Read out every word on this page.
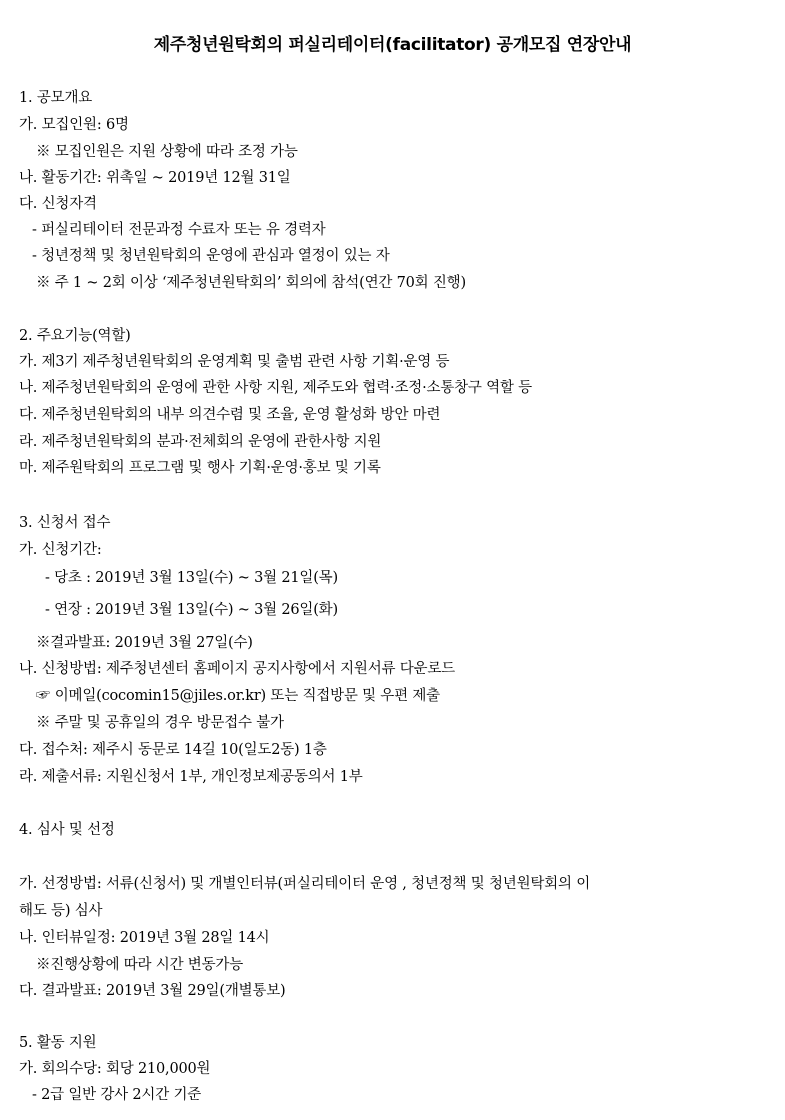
제주청년원탁회의 퍼실리테이터(facilitator) 공개모집 연장안내
1. 공모개요
가. 모집인원: 6명
※ 모집인원은 지원 상황에 따라 조정 가능
나. 활동기간: 위촉일 ~ 2019년 12월 31일
다. 신청자격
- 퍼실리테이터 전문과정 수료자 또는 유 경력자
- 청년정책 및 청년원탁회의 운영에 관심과 열정이 있는 자
※ 주 1 ~ 2회 이상 ‘제주청년원탁회의’ 회의에 참석(연간 70회 진행)
2. 주요기능(역할)
가. 제3기 제주청년원탁회의 운영계획 및 출범 관련 사항 기획·운영 등
나. 제주청년원탁회의 운영에 관한 사항 지원, 제주도와 협력·조정·소통창구 역할 등
다. 제주청년원탁회의 내부 의견수렴 및 조율, 운영 활성화 방안 마련
라. 제주청년원탁회의 분과·전체회의 운영에 관한사항 지원
마. 제주원탁회의 프로그램 및 행사 기획·운영·홍보 및 기록
3. 신청서 접수
가. 신청기간:
- 당초 : 2019년 3월 13일(수) ~ 3월 21일(목)
- 연장 : 2019년 3월 13일(수) ~ 3월 26일(화)
※결과발표: 2019년 3월 27일(수)
나. 신청방법: 제주청년센터 홈페이지 공지사항에서 지원서류 다운로드
☞ 이메일(cocomin15@jiles.or.kr) 또는 직접방문 및 우편 제출
※ 주말 및 공휴일의 경우 방문접수 불가
다. 접수처: 제주시 동문로 14길 10(일도2동) 1층
라. 제출서류: 지원신청서 1부, 개인정보제공동의서 1부
4. 심사 및 선정
가. 선정방법: 서류(신청서) 및 개별인터뷰(퍼실리테이터 운영 , 청년정책 및 청년원탁회의 이
해도 등) 심사
나. 인터뷰일정: 2019년 3월 28일 14시
※진행상황에 따라 시간 변동가능
다. 결과발표: 2019년 3월 29일(개별통보)
5. 활동 지원
가. 회의수당: 회당 210,000원
- 2급 일반 강사 2시간 기준
